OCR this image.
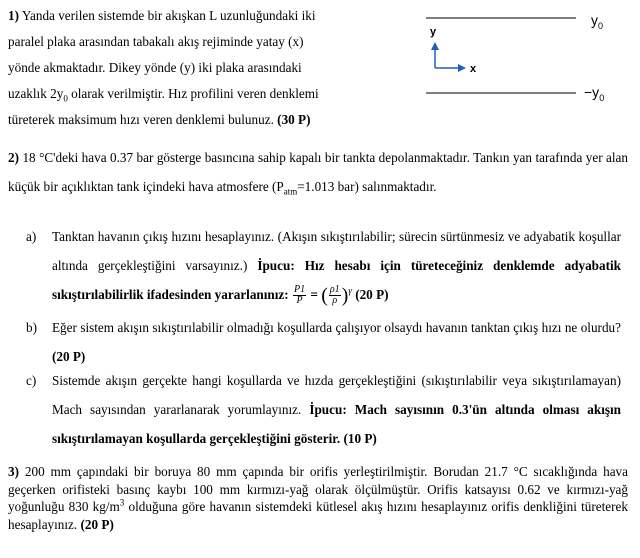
1) Yanda verilen sistemde bir akışkan L uzunluğundaki iki
paralel plaka arasından tabakalı akış rejiminde yatay (x)
yönde akmaktadır. Dikey yönde (y) iki plaka arasındaki
uzaklık $2y_0$ olarak verilmiştir. Hız profilini veren denklemi
türeterek maksimum hızı veren denklemi bulunuz. (30 P)
$y_0$
$-y_0$
y
x
2) 18 °C'deki hava 0.37 bar gösterge basıncına sahip kapalı bir tankta depolanmaktadır. Tankın yan tarafında yer alan küçük bir açıklıktan tank içindeki hava atmosfere ($P_{atm}=1.013$ bar) salınmaktadır.
a) Tanktan havanın çıkış hızını hesaplayınız. (Akışın sıkıştırılabilir; sürecin sürtünmesiz ve adyabatik koşullar altında gerçekleştiğini varsayınız.) İpucu: Hız hesabı için türeteceğiniz denklemde adyabatik sıkıştırılabilirlik ifadesinden yararlanınız: $\frac{P1}{P}$ = ( $\frac{\rho 1}{\rho} )^\gamma$ (20 P)
b) Eğer sistem akışın sıkıştırılabilir olmadığı koşullarda çalışıyor olsaydı havanın tanktan çıkış hızı ne olurdu? (20 P)
c) Sistemde akışın gerçekte hangi koşullarda ve hızda gerçekleştiğini (sıkıştırılabilir veya sıkıştırılamayan) Mach sayısından yararlanarak yorumlayınız. İpucu: Mach sayısının 0.3'ün altında olması akışın sıkıştırılamayan koşullarda gerçekleştiğini gösterir. (10 P)
3) 200 mm çapındaki bir boruya 80 mm çapında bir orifis yerleştirilmiştir. Borudan 21.7 °C sıcaklığında hava geçerken orifisteki basınç kaybı 100 mm kırmızı-yağ olarak ölçülmüştür. Orifis katsayısı 0.62 ve kırmızı-yağ yoğunluğu 830 $kg/m^3$ olduğuna göre havanın sistemdeki kütlesel akış hızını hesaplayınız orifis denkliğini türeterek hesaplayınız. (20 P)
